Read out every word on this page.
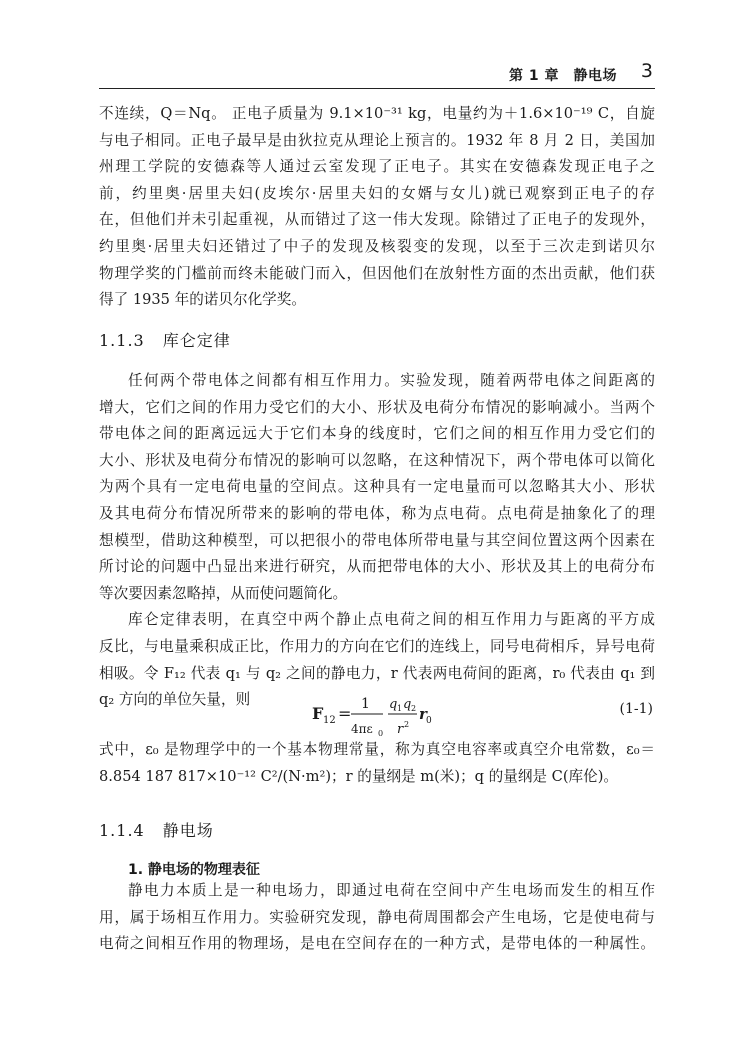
第 1 章　静电场 3
不连续，Q＝Nq。 正电子质量为 9.1×10⁻³¹ kg，电量约为＋1.6×10⁻¹⁹ C，自旋
与电子相同。正电子最早是由狄拉克从理论上预言的。1932 年 8 月 2 日，美国加
州理工学院的安德森等人通过云室发现了正电子。其实在安德森发现正电子之
前，约里奥·居里夫妇(皮埃尔·居里夫妇的女婿与女儿)就已观察到正电子的存
在，但他们并未引起重视，从而错过了这一伟大发现。除错过了正电子的发现外，
约里奥·居里夫妇还错过了中子的发现及核裂变的发现，以至于三次走到诺贝尔
物理学奖的门槛前而终未能破门而入，但因他们在放射性方面的杰出贡献，他们获
得了 1935 年的诺贝尔化学奖。
1.1.3 库仑定律
任何两个带电体之间都有相互作用力。实验发现，随着两带电体之间距离的
增大，它们之间的作用力受它们的大小、形状及电荷分布情况的影响减小。当两个
带电体之间的距离远远大于它们本身的线度时，它们之间的相互作用力受它们的
大小、形状及电荷分布情况的影响可以忽略，在这种情况下，两个带电体可以简化
为两个具有一定电荷电量的空间点。这种具有一定电量而可以忽略其大小、形状
及其电荷分布情况所带来的影响的带电体，称为点电荷。点电荷是抽象化了的理
想模型，借助这种模型，可以把很小的带电体所带电量与其空间位置这两个因素在
所讨论的问题中凸显出来进行研究，从而把带电体的大小、形状及其上的电荷分布
等次要因素忽略掉，从而使问题简化。
库仑定律表明，在真空中两个静止点电荷之间的相互作用力与距离的平方成
反比，与电量乘积成正比，作用力的方向在它们的连线上，同号电荷相斥，异号电荷
相吸。令 F₁₂ 代表 q₁ 与 q₂ 之间的静电力，r 代表两电荷间的距离，r₀ 代表由 q₁ 到
q₂ 方向的单位矢量，则
F 12 = 1
4πε 0
q 1 q 2
r 2
r 0
(1-1)
式中，ε₀ 是物理学中的一个基本物理常量，称为真空电容率或真空介电常数，ε₀＝
8.854 187 817×10⁻¹² C²/(N·m²)；r 的量纲是 m(米)；q 的量纲是 C(库伦)。
1.1.4 静电场
1. 静电场的物理表征
静电力本质上是一种电场力，即通过电荷在空间中产生电场而发生的相互作
用，属于场相互作用力。实验研究发现，静电荷周围都会产生电场，它是使电荷与
电荷之间相互作用的物理场，是电在空间存在的一种方式，是带电体的一种属性。
